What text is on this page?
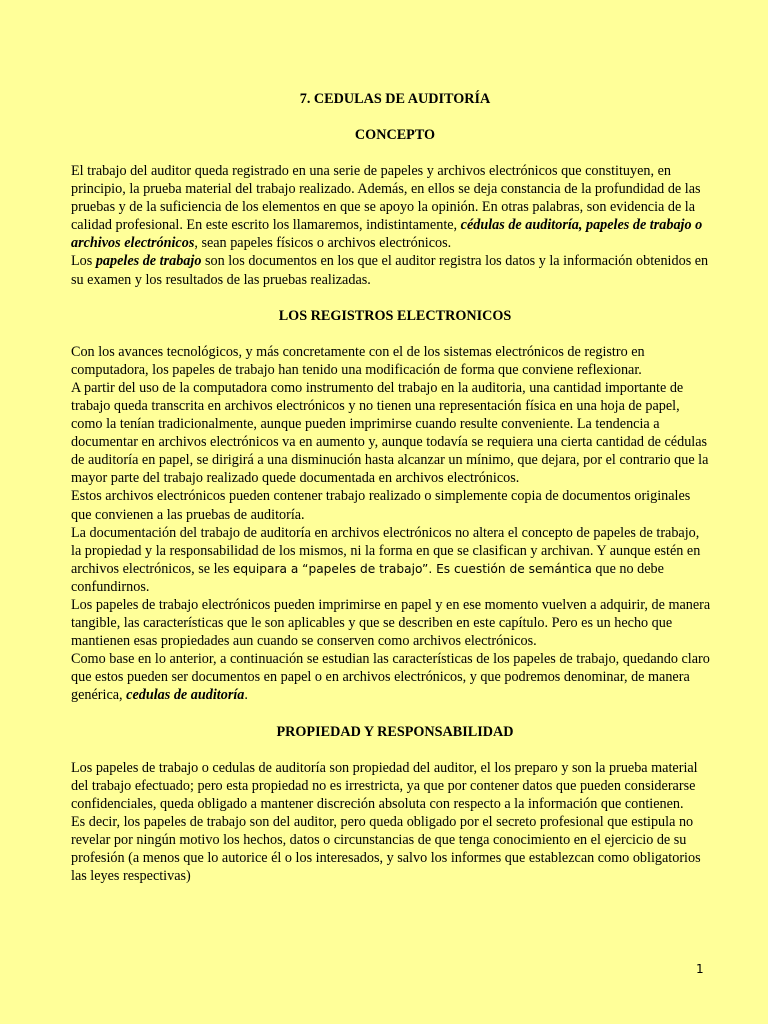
7. CEDULAS DE AUDITORÍA

CONCEPTO

El trabajo del auditor queda registrado en una serie de papeles y archivos electrónicos que constituyen, en principio, la prueba material del trabajo realizado. Además, en ellos se deja constancia de la profundidad de las pruebas y de la suficiencia de los elementos en que se apoyo la opinión. En otras palabras, son evidencia de la calidad profesional. En este escrito los llamaremos, indistintamente, cédulas de auditoría, papeles de trabajo o archivos electrónicos, sean papeles físicos o archivos electrónicos.

Los papeles de trabajo son los documentos en los que el auditor registra los datos y la información obtenidos en su examen y los resultados de las pruebas realizadas.

LOS REGISTROS ELECTRONICOS

Con los avances tecnológicos, y más concretamente con el de los sistemas electrónicos de registro en computadora, los papeles de trabajo han tenido una modificación de forma que conviene reflexionar.

A partir del uso de la computadora como instrumento del trabajo en la auditoria, una cantidad importante de trabajo queda transcrita en archivos electrónicos y no tienen una representación física en una hoja de papel, como la tenían tradicionalmente, aunque pueden imprimirse cuando resulte conveniente. La tendencia a documentar en archivos electrónicos va en aumento y, aunque todavía se requiera una cierta cantidad de cédulas de auditoría en papel, se dirigirá a una disminución hasta alcanzar un mínimo, que dejara, por el contrario que la mayor parte del trabajo realizado quede documentada en archivos electrónicos.

Estos archivos electrónicos pueden contener trabajo realizado o simplemente copia de documentos originales que convienen a las pruebas de auditoría.

La documentación del trabajo de auditoría en archivos electrónicos no altera el concepto de papeles de trabajo, la propiedad y la responsabilidad de los mismos, ni la forma en que se clasifican y archivan. Y aunque estén en archivos electrónicos, se les equipara a “papeles de trabajo”. Es cuestión de semántica que no debe confundirnos.

Los papeles de trabajo electrónicos pueden imprimirse en papel y en ese momento vuelven a adquirir, de manera tangible, las características que le son aplicables y que se describen en este capítulo. Pero es un hecho que mantienen esas propiedades aun cuando se conserven como archivos electrónicos.

Como base en lo anterior, a continuación se estudian las características de los papeles de trabajo, quedando claro que estos pueden ser documentos en papel o en archivos electrónicos, y que podremos denominar, de manera genérica, cedulas de auditoría.

PROPIEDAD Y RESPONSABILIDAD

Los papeles de trabajo o cedulas de auditoría son propiedad del auditor, el los preparo y son la prueba material del trabajo efectuado; pero esta propiedad no es irrestricta, ya que por contener datos que pueden considerarse confidenciales, queda obligado a mantener discreción absoluta con respecto a la información que contienen.

Es decir, los papeles de trabajo son del auditor, pero queda obligado por el secreto profesional que estipula no revelar por ningún motivo los hechos, datos o circunstancias de que tenga conocimiento en el ejercicio de su profesión (a menos que lo autorice él o los interesados, y salvo los informes que establezcan como obligatorios las leyes respectivas)

1
